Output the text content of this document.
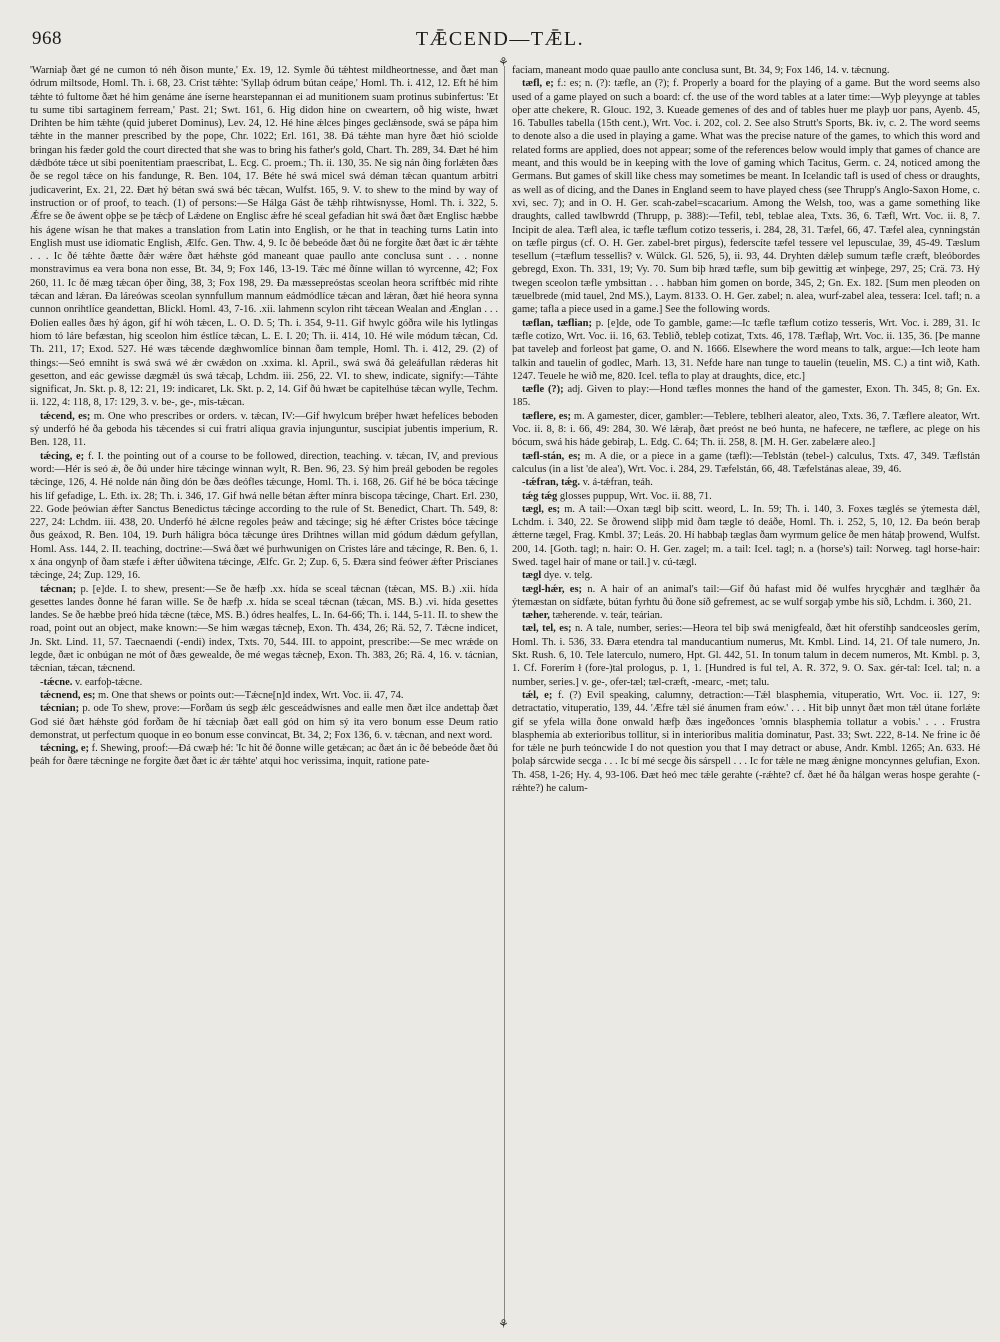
968	TǢCEND—TǢL.
⚘
⚘

'Warniaþ ðæt gé ne cumon tó néh ðison munte,' Ex. 19, 12. Symle ðú tǽhtest mildheortnesse, and ðæt man ódrum miltsode, Homl. Th. i. 68, 23. Crist tǽhte: 'Syllaþ ódrum bútan ceápe,' Homl. Th. i. 412, 12. Eft hé him tǽhte tó fultome ðæt hé him genáme áne íserne hearstepannan ei ad munitionem suam protinus subinfertus: 'Et tu sume tibi sartaginem ferream,' Past. 21; Swt. 161, 6. Hig didon hine on cweartern, oð hig wiste, hwæt Drihten be him tǽhte (quid juberet Dominus), Lev. 24, 12. Hé hine ǽlces þinges geclǽnsode, swá se pápa him tǽhte in the manner prescribed by the pope, Chr. 1022; Erl. 161, 38. Ðá tǽhte man hyre ðæt hió sciolde bringan his fæder gold the court directed that she was to bring his father's gold, Chart. Th. 289, 34. Ðæt hé him dǽdbóte tǽce ut sibi poenitentiam praescribat, L. Ecg. C. proem.; Th. ii. 130, 35. Ne sig nán ðing forlǽten ðæs ðe se regol tǽce on his fandunge, R. Ben. 104, 17. Béte hé swá micel swá déman tǽcan quantum arbitri judicaverint, Ex. 21, 22. Ðæt hý bétan swá swá béc tǽcan, Wulfst. 165, 9. V. to shew to the mind by way of instruction or of proof, to teach. (1) of persons:—Se Hálga Gást ðe tǽhþ rihtwísnysse, Homl. Th. i. 322, 5. Ǽfre se ðe áwent oþþe se þe tǽcþ of Lǽdene on Englisc ǽfre hé sceal gefadian hit swá ðæt ðæt Englisc hæbbe his ágene wísan he that makes a translation from Latin into English, or he that in teaching turns Latin into English must use idiomatic English, Ælfc. Gen. Thw. 4, 9. Ic ðé bebeóde ðæt ðú ne forgite ðæt ðæt ic ǽr tǽhte . . . Ic ðé tǽhte ðætte ðǽr wǽre ðæt hǽhste gód maneant quae paullo ante conclusa sunt . . . nonne monstravimus ea vera bona non esse, Bt. 34, 9; Fox 146, 13-19. Tǽc mé ðínne willan tó wyrcenne, 42; Fox 260, 11. Ic ðé mæg tǽcan óþer ðing, 38, 3; Fox 198, 29. Ða mæssepreóstas sceolan heora scriftbéc mid rihte tǽcan and lǽran. Ða láreówas sceolan synnfullum mannum eádmódlíce tǽcan and lǽran, ðæt hié heora synna cunnon onrihtlíce geandettan, Blickl. Homl. 43, 7-16. .xii. lahmenn scylon riht tǽcean Wealan and Ænglan . . . Ðolien ealles ðæs hý ágon, gif hí wóh tǽcen, L. O. D. 5; Th. i. 354, 9-11. Gif hwylc góðra wile his lytlingas hiom tó láre befæstan, hig sceolon him éstlíce tǽcan, L. E. I. 20; Th. ii. 414, 10. Hé wile módum tǽcan, Cd. Th. 211, 17; Exod. 527. Hé wæs tǽcende dæghwomlíce binnan ðam temple, Homl. Th. i. 412, 29. (2) of things:—Seó emniht is swá swá wé ǽr cwǽdon on .xxima. kl. April., swá swá ðá geleáfullan rǽderas hit gesetton, and eác gewisse dægmǽl ús swá tǽcaþ, Lchdm. iii. 256, 22. VI. to shew, indicate, signify:—Táhte significat, Jn. Skt. p. 8, 12: 21, 19: indicaret, Lk. Skt. p. 2, 14. Gif ðú hwæt be capitelhúse tǽcan wylle, Techm. ii. 122, 4: 118, 8, 17: 129, 3. v. be-, ge-, mis-tǽcan.

tǽcend, es; m. One who prescribes or orders. v. tǽcan, IV:—Gif hwylcum bréþer hwæt hefelíces beboden sý underfó hé ða geboda his tǽcendes si cui fratri aliqua gravia injunguntur, suscipiat jubentis imperium, R. Ben. 128, 11.

tǽcing, e; f. I. the pointing out of a course to be followed, direction, teaching. v. tǽcan, IV, and previous word:—Hér is seó ǽ, ðe ðú under hire tǽcinge winnan wylt, R. Ben. 96, 23. Sý him þreál geboden be regoles tǽcinge, 126, 4. Hé nolde nán ðing dón be ðæs deófles tǽcunge, Homl. Th. i. 168, 26. Gif hé be bóca tǽcinge his líf gefadige, L. Eth. ix. 28; Th. i. 346, 17. Gif hwá nelle bétan ǽfter mínra biscopa tǽcinge, Chart. Erl. 230, 22. Gode þeówian ǽfter Sanctus Benedictus tǽcinge according to the rule of St. Benedict, Chart. Th. 549, 8: 227, 24: Lchdm. iii. 438, 20. Underfó hé ǽlcne regoles þeáw and tǽcinge; sig hé ǽfter Cristes bóce tǽcinge ðus geáxod, R. Ben. 104, 19. Þurh háligra bóca tǽcunge úres Drihtnes willan mid gódum dǽdum gefyllan, Homl. Ass. 144, 2. II. teaching, doctrine:—Swá ðæt wé þurhwunigen on Cristes láre and tǽcinge, R. Ben. 6, 1. x ána ongynþ of ðam stæfe i ǽfter úðwitena tǽcinge, Ælfc. Gr. 2; Zup. 6, 5. Ðæra sind feówer ǽfter Priscianes tǽcinge, 24; Zup. 129, 16.

tǽcnan; p. [e]de. I. to shew, present:—Se ðe hæfþ .xx. hída se sceal tǽcnan (tǽcan, MS. B.) .xii. hída gesettes landes ðonne hé faran wille. Se ðe hæfþ .x. hída se sceal tǽcnan (tǽcan, MS. B.) .vi. hída gesettes landes. Se ðe hæbbe þreó hída tǽcne (tǽce, MS. B.) ódres healfes, L. In. 64-66; Th. i. 144, 5-11. II. to shew the road, point out an object, make known:—Se him wægas tǽcneþ, Exon. Th. 434, 26; Rä. 52, 7. Tǽcne indicet, Jn. Skt. Lind. 11, 57. Taecnaendi (-endi) index, Txts. 70, 544. III. to appoint, prescribe:—Se mec wrǽde on legde, ðæt ic onbúgan ne mót of ðæs gewealde, ðe mé wegas tǽcneþ, Exon. Th. 383, 26; Rä. 4, 16. v. tácnian, tǽcnian, tǽcan, tǽcnend.

-tǽcne. v. earfoþ-tǽcne.

tǽcnend, es; m. One that shews or points out:—Tǽcne[n]d index, Wrt. Voc. ii. 47, 74.

tǽcnian; p. ode To shew, prove:—Forðam ús segþ ǽlc gesceádwísnes and ealle men ðæt ilce andettaþ ðæt God sié ðæt hǽhste gód forðam ðe hí tǽcniaþ ðæt eall gód on him sý ita vero bonum esse Deum ratio demonstrat, ut perfectum quoque in eo bonum esse convincat, Bt. 34, 2; Fox 136, 6. v. tǽcnan, and next word.

tǽcning, e; f. Shewing, proof:—Ðá cwæþ hé: 'Ic hit ðé ðonne wille getǽcan; ac ðæt án ic ðé bebeóde ðæt ðú þeáh for ðære tǽcninge ne forgite ðæt ðæt ic ǽr tǽhte' atqui hoc verissima, inquit, ratione pate-

faciam, maneant modo quae paullo ante conclusa sunt, Bt. 34, 9; Fox 146, 14. v. tǽcnung.

tæfl, e; f.: es; n. (?): tæfle, an (?); f. Properly a board for the playing of a game. But the word seems also used of a game played on such a board: cf. the use of the word tables at a later time:—Wyþ pleyynge at tables oþer atte chekere, R. Glouc. 192, 3. Kueade gemenes of des and of tables huer me playþ uor pans, Ayenb. 45, 16. Tabulles tabella (15th cent.), Wrt. Voc. i. 202, col. 2. See also Strutt's Sports, Bk. iv, c. 2. The word seems to denote also a die used in playing a game. What was the precise nature of the games, to which this word and related forms are applied, does not appear; some of the references below would imply that games of chance are meant, and this would be in keeping with the love of gaming which Tacitus, Germ. c. 24, noticed among the Germans. But games of skill like chess may sometimes be meant. In Icelandic tafl is used of chess or draughts, as well as of dicing, and the Danes in England seem to have played chess (see Thrupp's Anglo-Saxon Home, c. xvi, sec. 7); and in O. H. Ger. scah-zabel=scacarium. Among the Welsh, too, was a game something like draughts, called tawlbwrdd (Thrupp, p. 388):—Tefil, tebl, teblae alea, Txts. 36, 6. Tæfl, Wrt. Voc. ii. 8, 7. Incipit de alea. Tæfl alea, ic tæfle tæflum cotizo tesseris, i. 284, 28, 31. Tæfel, 66, 47. Tæfel alea, cynningstán on tæfle pirgus (cf. O. H. Ger. zabel-bret pirgus), federscíte tæfel tessere vel lepusculae, 39, 45-49. Tæslum tesellum (=tæflum tessellis? v. Wülck. Gl. 526, 5), ii. 93, 44. Dryhten dǽleþ sumum tæfle cræft, bleóbordes gebregd, Exon. Th. 331, 19; Vy. 70. Sum biþ hræd tæfle, sum biþ gewittig æt wínþege, 297, 25; Crä. 73. Hý twegen sceolon tæfle ymbsittan . . . habban him gomen on borde, 345, 2; Gn. Ex. 182. [Sum men pleoden on tæuelbrede (mid tauel, 2nd MS.), Laym. 8133. O. H. Ger. zabel; n. alea, wurf-zabel alea, tessera: Icel. tafl; n. a game; tafla a piece used in a game.] See the following words.

tæflan, tæflian; p. [e]de, ode To gamble, game:—Ic tæfle tæflum cotizo tesseris, Wrt. Voc. i. 289, 31. Ic tæfle cotizo, Wrt. Voc. ii. 16, 63. Teblið, tebleþ cotizat, Txts. 46, 178. Tæflaþ, Wrt. Voc. ii. 135, 36. [Þe manne þat taveleþ and forleost þat game, O. and N. 1666. Elsewhere the word means to talk, argue:—Ich leote ham talkin and tauelin of godlec, Marh. 13, 31. Nefde hare nan tunge to tauelin (teuelin, MS. C.) a tint wið, Kath. 1247. Teuele he wið me, 820. Icel. tefla to play at draughts, dice, etc.]

tæfle (?); adj. Given to play:—Hond tæfles monnes the hand of the gamester, Exon. Th. 345, 8; Gn. Ex. 185.

tæflere, es; m. A gamester, dicer, gambler:—Teblere, teblheri aleator, aleo, Txts. 36, 7. Tæflere aleator, Wrt. Voc. ii. 8, 8: i. 66, 49: 284, 30. Wé lǽraþ, ðæt preóst ne beó hunta, ne hafecere, ne tæflere, ac plege on his bócum, swá his háde gebiraþ, L. Edg. C. 64; Th. ii. 258, 8. [M. H. Ger. zabelære aleo.]

tæfl-stán, es; m. A die, or a piece in a game (tæfl):—Teblstán (tebel-) calculus, Txts. 47, 349. Tæflstán calculus (in a list 'de alea'), Wrt. Voc. i. 284, 29. Tæfelstán, 66, 48. Tæfelstánas aleae, 39, 46.

-tǽfran, tǽg. v. á-tǽfran, teáh.

tǽg tǽg glosses puppup, Wrt. Voc. ii. 88, 71.

tægl, es; m. A tail:—Oxan tægl biþ scitt. weord, L. In. 59; Th. i. 140, 3. Foxes tæglés se ýtemesta dǽl, Lchdm. i. 340, 22. Se ðrowend sliþþ mid ðam tægle tó deáðe, Homl. Th. i. 252, 5, 10, 12. Ða beón beraþ ǽtterne tægel, Frag. Kmbl. 37; Leás. 20. Hí habbaþ tæglas ðam wyrmum gelíce ðe men hátaþ þrowend, Wulfst. 200, 14. [Goth. tagl; n. hair: O. H. Ger. zagel; m. a tail: Icel. tagl; n. a (horse's) tail: Norweg. tagl horse-hair: Swed. tagel hair of mane or tail.] v. cú-tægl.

tægl dye. v. telg.

tægl-hǽr, es; n. A hair of an animal's tail:—Gif ðú hafast mid ðé wulfes hrycghǽr and tæglhǽr ða ýtemæstan on sídfæte, bútan fyrhtu ðú ðone síð gefremest, ac se wulf sorgaþ ymbe his síð, Lchdm. i. 360, 21.

tæher, tæherende. v. teár, teárian.

tæl, tel, es; n. A tale, number, series:—Heora tel biþ swá menigfeald, ðæt hit oferstíhþ sandceosles gerím, Homl. Th. i. 536, 33. Ðæra etendra tal manducantium numerus, Mt. Kmbl. Lind. 14, 21. Of tale numero, Jn. Skt. Rush. 6, 10. Tele laterculo, numero, Hpt. Gl. 442, 51. In tonum talum in decem numeros, Mt. Kmbl. p. 3, 1. Cf. Forerím ł (fore-)tal prologus, p. 1, 1. [Hundred is ful tel, A. R. 372, 9. O. Sax. gér-tal: Icel. tal; n. a number, series.] v. ge-, ofer-tæl; tæl-cræft, -mearc, -met; talu.

tǽl, e; f. (?) Evil speaking, calumny, detraction:—Tǽl blasphemia, vituperatio, Wrt. Voc. ii. 127, 9: detractatio, vituperatio, 139, 44. 'Æfre tǽl sié ánumen fram eów.' . . . Hit biþ unnyt ðæt mon tǽl útane forlǽte gif se yfela willa ðone onwald hæfþ ðæs ingeðonces 'omnis blasphemia tollatur a vobis.' . . . Frustra blasphemia ab exterioribus tollitur, si in interioribus malitia dominatur, Past. 33; Swt. 222, 8-14. Ne frine ic ðé for tǽle ne þurh teóncwide I do not question you that I may detract or abuse, Andr. Kmbl. 1265; An. 633. Hé þolaþ sárcwide secga . . . Ic bí mé secge ðis sárspell . . . Ic for tǽle ne mæg ǽnigne moncynnes gelufian, Exon. Th. 458, 1-26; Hy. 4, 93-106. Ðæt heó mec tǽle gerahte (-rǽhte? cf. ðæt hé ða hálgan weras hospe gerahte (-rǽhte?) he calum-
